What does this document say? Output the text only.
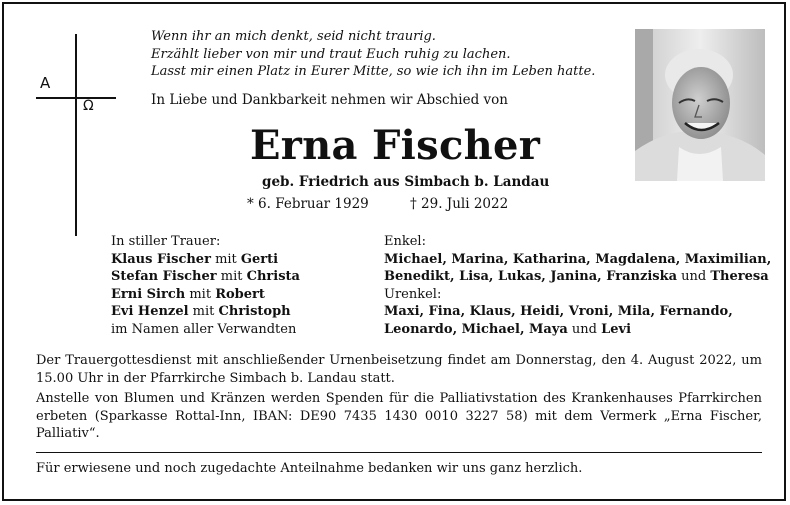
A
Ω
Wenn ihr an mich denkt, seid nicht traurig.
Erzählt lieber von mir und traut Euch ruhig zu lachen.
Lasst mir einen Platz in Eurer Mitte, so wie ich ihn im Leben hatte.
In Liebe und Dankbarkeit nehmen wir Abschied von
Erna Fischer
geb. Friedrich aus Simbach b. Landau
* 6. Februar 1929	† 29. Juli 2022
In stiller Trauer:
Klaus Fischer mit Gerti
Stefan Fischer mit Christa
Erni Sirch mit Robert
Evi Henzel mit Christoph
im Namen aller Verwandten
Enkel:
Michael, Marina, Katharina, Magdalena, Maximilian,
Benedikt, Lisa, Lukas, Janina, Franziska und Theresa
Urenkel:
Maxi, Fina, Klaus, Heidi, Vroni, Mila, Fernando,
Leonardo, Michael, Maya und Levi
Der Trauergottesdienst mit anschließender Urnenbeisetzung findet am Donnerstag, den 4. August 2022, um 15.00 Uhr in der Pfarrkirche Simbach b. Landau statt.
Anstelle von Blumen und Kränzen werden Spenden für die Palliativstation des Krankenhauses Pfarrkirchen erbeten (Sparkasse Rottal-Inn, IBAN: DE90 7435 1430 0010 3227 58) mit dem Vermerk „Erna Fischer, Palliativ“.
Für erwiesene und noch zugedachte Anteilnahme bedanken wir uns ganz herzlich.
